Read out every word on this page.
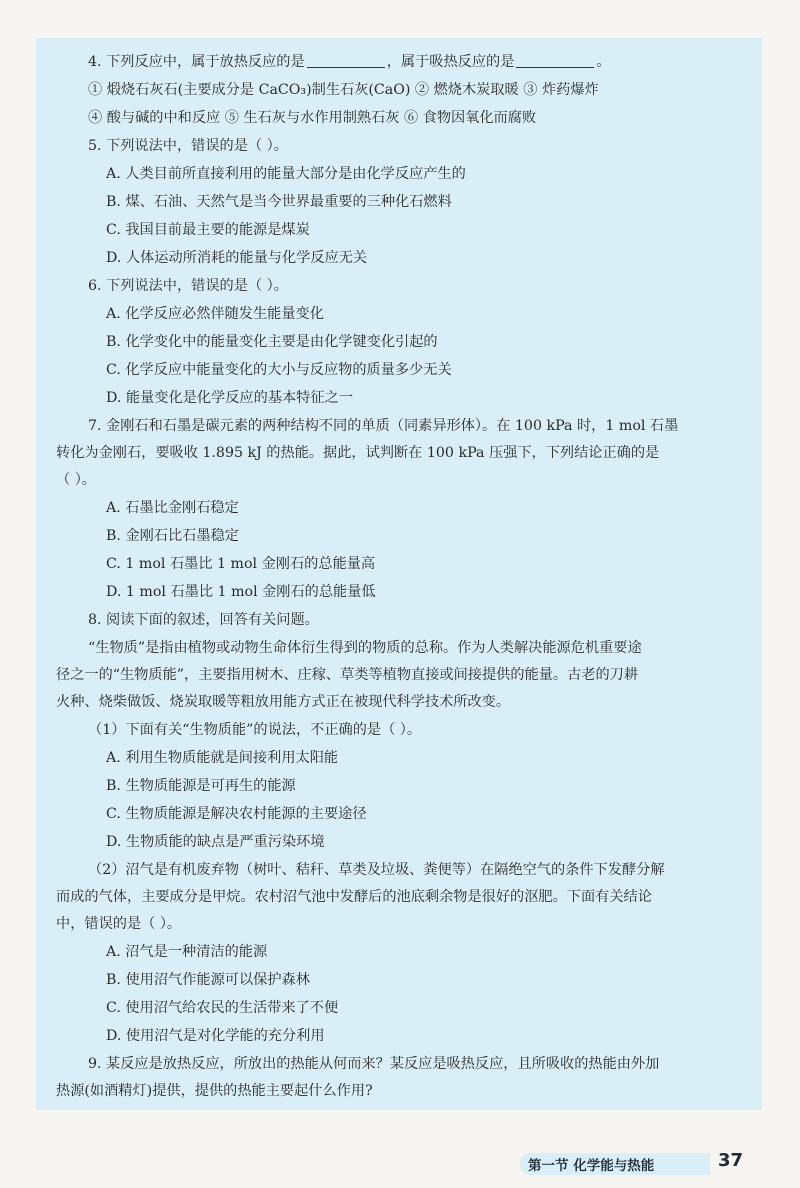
4. 下列反应中，属于放热反应的是	，属于吸热反应的是	。
① 煅烧石灰石(主要成分是 CaCO₃)制生石灰(CaO) ② 燃烧木炭取暖 ③ 炸药爆炸
④ 酸与碱的中和反应 ⑤ 生石灰与水作用制熟石灰 ⑥ 食物因氧化而腐败
5. 下列说法中，错误的是（ ）。
A. 人类目前所直接利用的能量大部分是由化学反应产生的
B. 煤、石油、天然气是当今世界最重要的三种化石燃料
C. 我国目前最主要的能源是煤炭
D. 人体运动所消耗的能量与化学反应无关
6. 下列说法中，错误的是（ ）。
A. 化学反应必然伴随发生能量变化
B. 化学变化中的能量变化主要是由化学键变化引起的
C. 化学反应中能量变化的大小与反应物的质量多少无关
D. 能量变化是化学反应的基本特征之一
7. 金刚石和石墨是碳元素的两种结构不同的单质（同素异形体）。在 100 kPa 时，1 mol 石墨
转化为金刚石，要吸收 1.895 kJ 的热能。据此，试判断在 100 kPa 压强下，下列结论正确的是
（ ）。
A. 石墨比金刚石稳定
B. 金刚石比石墨稳定
C. 1 mol 石墨比 1 mol 金刚石的总能量高
D. 1 mol 石墨比 1 mol 金刚石的总能量低
8. 阅读下面的叙述，回答有关问题。
“生物质”是指由植物或动物生命体衍生得到的物质的总称。作为人类解决能源危机重要途
径之一的“生物质能”，主要指用树木、庄稼、草类等植物直接或间接提供的能量。古老的刀耕
火种、烧柴做饭、烧炭取暖等粗放用能方式正在被现代科学技术所改变。
（1）下面有关“生物质能”的说法，不正确的是（ ）。
A. 利用生物质能就是间接利用太阳能
B. 生物质能源是可再生的能源
C. 生物质能源是解决农村能源的主要途径
D. 生物质能的缺点是严重污染环境
（2）沼气是有机废弃物（树叶、秸秆、草类及垃圾、粪便等）在隔绝空气的条件下发酵分解
而成的气体，主要成分是甲烷。农村沼气池中发酵后的池底剩余物是很好的沤肥。下面有关结论
中，错误的是（ ）。
A. 沼气是一种清洁的能源
B. 使用沼气作能源可以保护森林
C. 使用沼气给农民的生活带来了不便
D. 使用沼气是对化学能的充分利用
9. 某反应是放热反应，所放出的热能从何而来？某反应是吸热反应，且所吸收的热能由外加
热源(如酒精灯)提供，提供的热能主要起什么作用?
第一节 化学能与热能	37
